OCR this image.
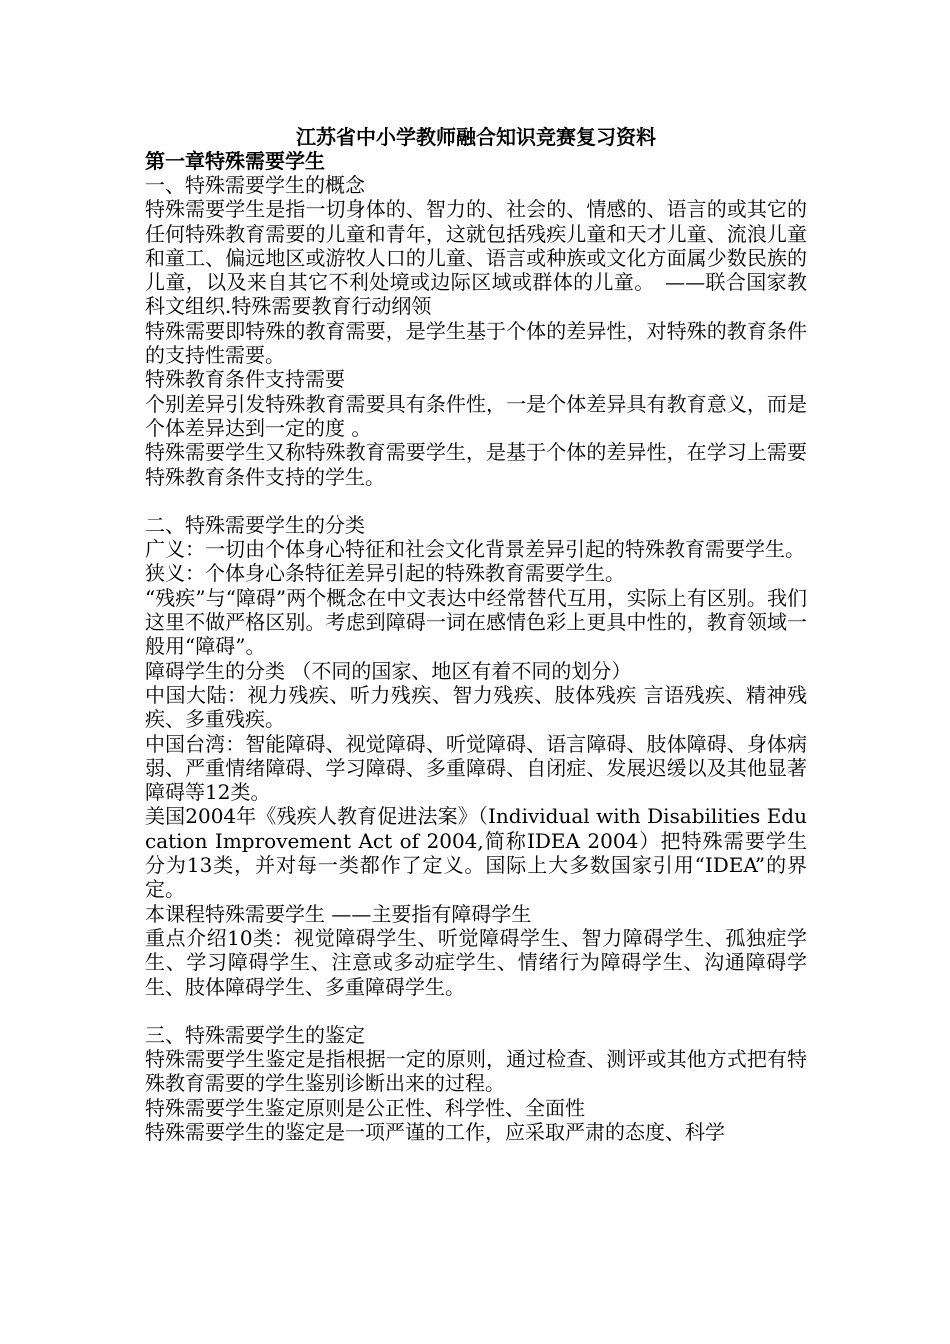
江苏省中小学教师融合知识竞赛复习资料

第一章特殊需要学生

一、特殊需要学生的概念

特殊需要学生是指一切身体的、智力的、社会的、情感的、语言的或其它的任何特殊教育需要的儿童和青年，这就包括残疾儿童和天才儿童、流浪儿童和童工、偏远地区或游牧人口的儿童、语言或种族或文化方面属少数民族的儿童，以及来自其它不利处境或边际区域或群体的儿童。　——联合国家教科文组织.特殊需要教育行动纲领

特殊需要即特殊的教育需要，是学生基于个体的差异性，对特殊的教育条件的支持性需要。

特殊教育条件支持需要

个别差异引发特殊教育需要具有条件性，一是个体差异具有教育意义，而是个体差异达到一定的度 。

特殊需要学生又称特殊教育需要学生，是基于个体的差异性，在学习上需要特殊教育条件支持的学生。

二、特殊需要学生的分类

广义：一切由个体身心特征和社会文化背景差异引起的特殊教育需要学生。

狭义：个体身心条特征差异引起的特殊教育需要学生。

“残疾”与“障碍”两个概念在中文表达中经常替代互用，实际上有区别。我们这里不做严格区别。考虑到障碍一词在感情色彩上更具中性的，教育领域一般用“障碍”。

障碍学生的分类 （不同的国家、地区有着不同的划分）

中国大陆：视力残疾、听力残疾、智力残疾、肢体残疾 言语残疾、精神残疾、多重残疾。

中国台湾：智能障碍、视觉障碍、听觉障碍、语言障碍、肢体障碍、身体病弱、严重情绪障碍、学习障碍、多重障碍、自闭症、发展迟缓以及其他显著障碍等12类。

美国2004年《残疾人教育促进法案》（Individual with Disabilities Education Improvement Act of 2004,简称IDEA 2004）把特殊需要学生分为13类，并对每一类都作了定义。国际上大多数国家引用“IDEA”的界定。

本课程特殊需要学生 ——主要指有障碍学生

重点介绍10类：视觉障碍学生、听觉障碍学生、智力障碍学生、孤独症学生、学习障碍学生、注意或多动症学生、情绪行为障碍学生、沟通障碍学生、肢体障碍学生、多重障碍学生。

三、特殊需要学生的鉴定

特殊需要学生鉴定是指根据一定的原则，通过检查、测评或其他方式把有特殊教育需要的学生鉴别诊断出来的过程。

特殊需要学生鉴定原则是公正性、科学性、全面性

特殊需要学生的鉴定是一项严谨的工作，应采取严肃的态度、科学
